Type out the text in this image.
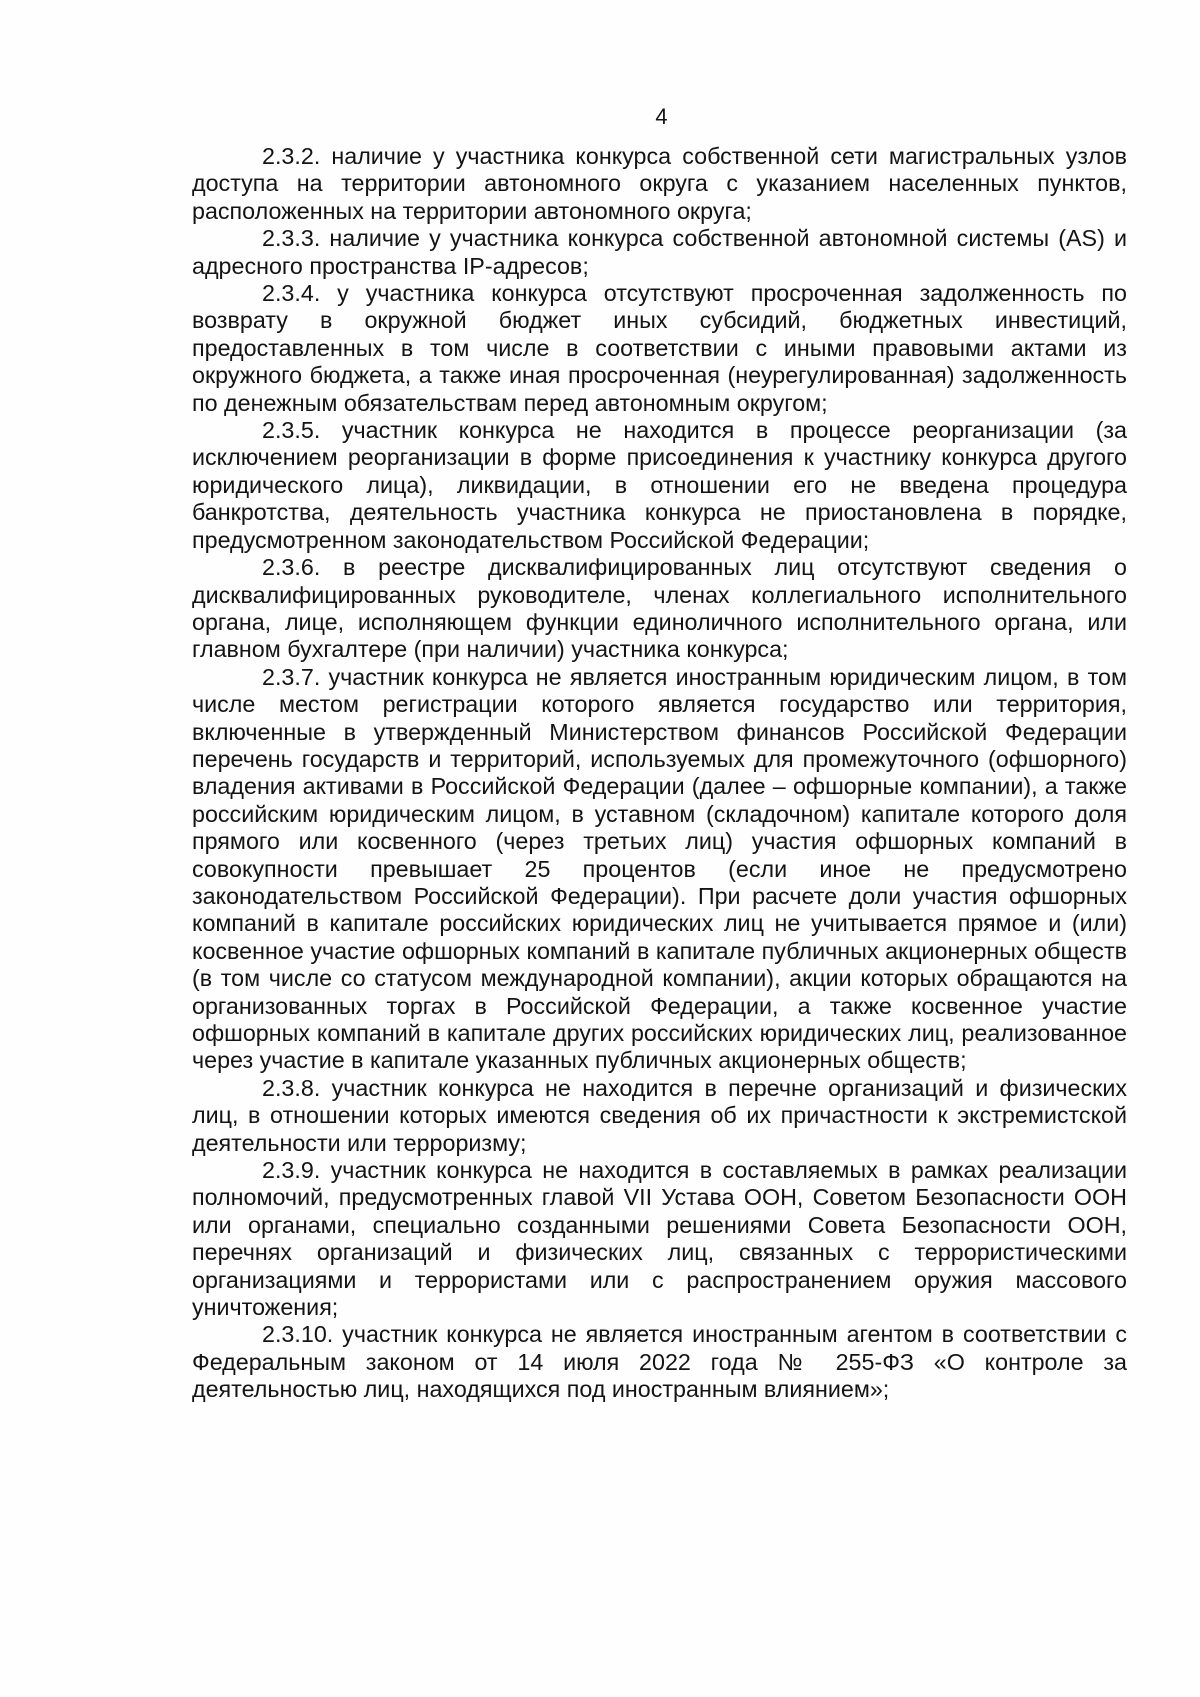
4

2.3.2. наличие у участника конкурса собственной сети магистральных узлов доступа на территории автономного округа с указанием населенных пунктов, расположенных на территории автономного округа;

2.3.3. наличие у участника конкурса собственной автономной системы (AS) и адресного пространства IP-адресов;

2.3.4. у участника конкурса отсутствуют просроченная задолженность по возврату в окружной бюджет иных субсидий, бюджетных инвестиций, предоставленных в том числе в соответствии с иными правовыми актами из окружного бюджета, а также иная просроченная (неурегулированная) задолженность по денежным обязательствам перед автономным округом;

2.3.5. участник конкурса не находится в процессе реорганизации (за исключением реорганизации в форме присоединения к участнику конкурса другого юридического лица), ликвидации, в отношении его не введена процедура банкротства, деятельность участника конкурса не приостановлена в порядке, предусмотренном законодательством Российской Федерации;

2.3.6. в реестре дисквалифицированных лиц отсутствуют сведения о дисквалифицированных руководителе, членах коллегиального исполнительного органа, лице, исполняющем функции единоличного исполнительного органа, или главном бухгалтере (при наличии) участника конкурса;

2.3.7. участник конкурса не является иностранным юридическим лицом, в том числе местом регистрации которого является государство или территория, включенные в утвержденный Министерством финансов Российской Федерации перечень государств и территорий, используемых для промежуточного (офшорного) владения активами в Российской Федерации (далее – офшорные компании), а также российским юридическим лицом, в уставном (складочном) капитале которого доля прямого или косвенного (через третьих лиц) участия офшорных компаний в совокупности превышает 25 процентов (если иное не предусмотрено законодательством Российской Федерации). При расчете доли участия офшорных компаний в капитале российских юридических лиц не учитывается прямое и (или) косвенное участие офшорных компаний в капитале публичных акционерных обществ (в том числе со статусом международной компании), акции которых обращаются на организованных торгах в Российской Федерации, а также косвенное участие офшорных компаний в капитале других российских юридических лиц, реализованное через участие в капитале указанных публичных акционерных обществ;

2.3.8. участник конкурса не находится в перечне организаций и физических лиц, в отношении которых имеются сведения об их причастности к экстремистской деятельности или терроризму;

2.3.9. участник конкурса не находится в составляемых в рамках реализации полномочий, предусмотренных главой VII Устава ООН, Советом Безопасности ООН или органами, специально созданными решениями Совета Безопасности ООН, перечнях организаций и физических лиц, связанных с террористическими организациями и террористами или с распространением оружия массового уничтожения;

2.3.10. участник конкурса не является иностранным агентом в соответствии с Федеральным законом от 14 июля 2022 года № 255-ФЗ «О контроле за деятельностью лиц, находящихся под иностранным влиянием»;
